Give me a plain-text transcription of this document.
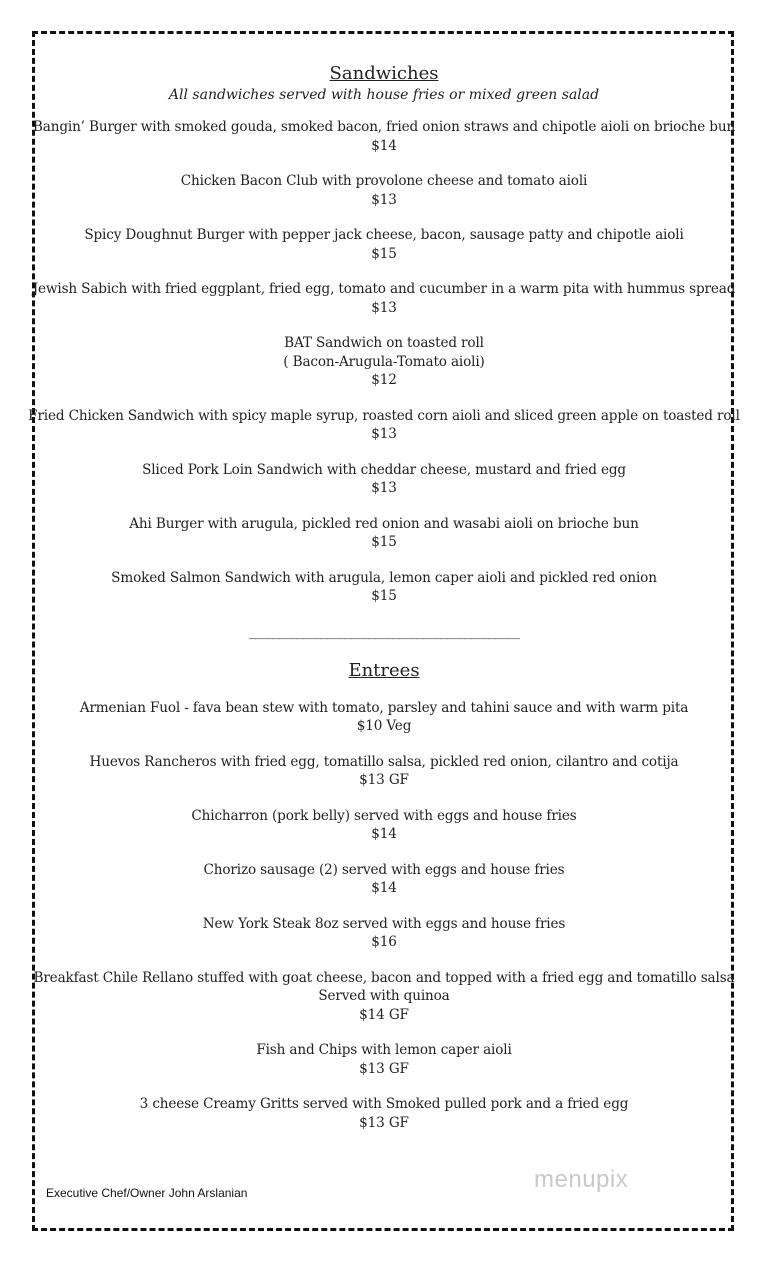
Sandwiches
All sandwiches served with house fries or mixed green salad
Bangin’ Burger with smoked gouda, smoked bacon, fried onion straws and chipotle aioli on brioche bun
$14
Chicken Bacon Club with provolone cheese and tomato aioli
$13
Spicy Doughnut Burger with pepper jack cheese, bacon, sausage patty and chipotle aioli
$15
Jewish Sabich with fried eggplant, fried egg, tomato and cucumber in a warm pita with hummus spread
$13
BAT Sandwich on toasted roll
( Bacon-Arugula-Tomato aioli)
$12
Fried Chicken Sandwich with spicy maple syrup, roasted corn aioli and sliced green apple on toasted roll
$13
Sliced Pork Loin Sandwich with cheddar cheese, mustard and fried egg
$13
Ahi Burger with arugula, pickled red onion and wasabi aioli on brioche bun
$15
Smoked Salmon Sandwich with arugula, lemon caper aioli and pickled red onion
$15
_____________________________________________
Entrees
Armenian Fuol - fava bean stew with tomato, parsley and tahini sauce and with warm pita
$10 Veg
Huevos Rancheros with fried egg, tomatillo salsa, pickled red onion, cilantro and cotija
$13 GF
Chicharron (pork belly) served with eggs and house fries
$14
Chorizo sausage (2) served with eggs and house fries
$14
New York Steak 8oz served with eggs and house fries
$16
Breakfast Chile Rellano stuffed with goat cheese, bacon and topped with a fried egg and tomatillo salsa
Served with quinoa
$14 GF
Fish and Chips with lemon caper aioli
$13 GF
3 cheese Creamy Gritts served with Smoked pulled pork and a fried egg
$13 GF
Executive Chef/Owner John Arslanian	menupix
